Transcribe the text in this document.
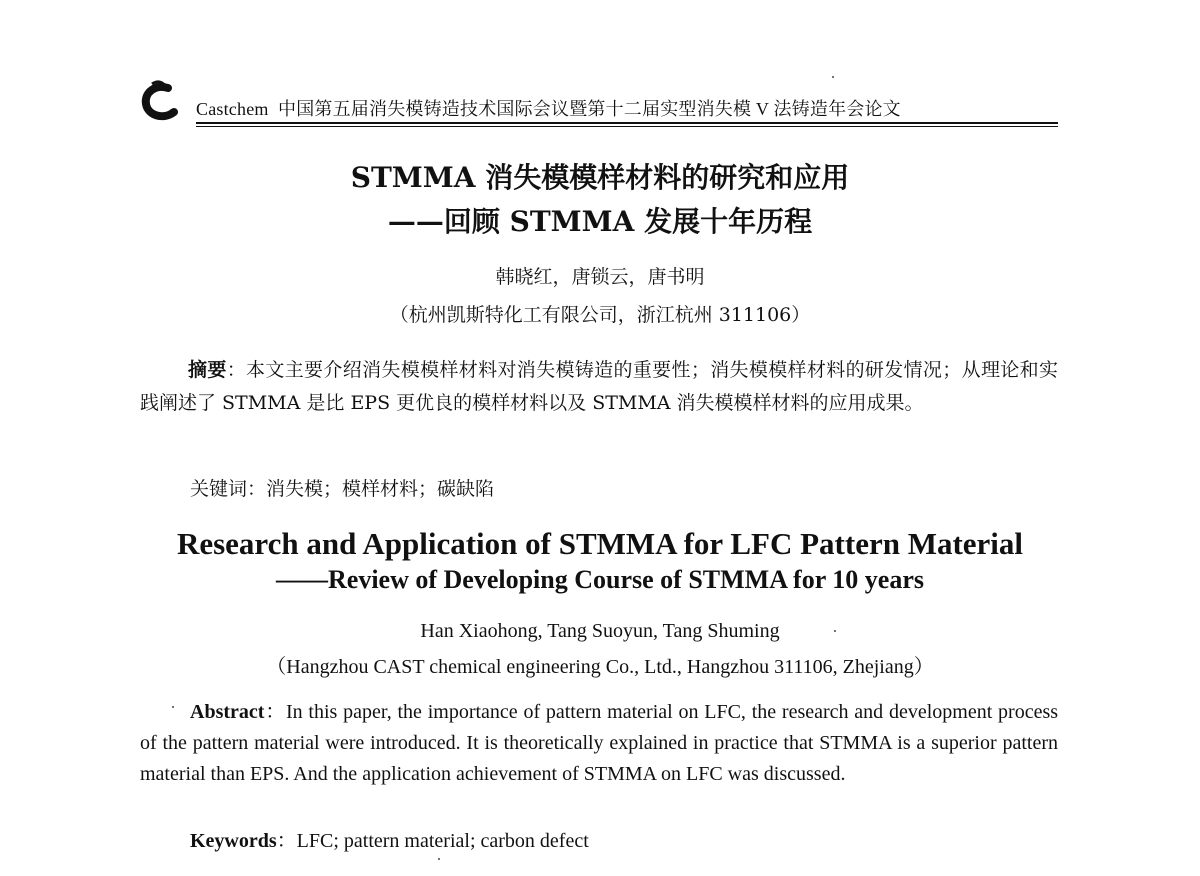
Castchem 中国第五届消失模铸造技术国际会议暨第十二届实型消失模 V 法铸造年会论文
STMMA 消失模模样材料的研究和应用
——回顾 STMMA 发展十年历程
韩晓红，唐锁云，唐书明
（杭州凯斯特化工有限公司，浙江杭州 311106）
摘要：本文主要介绍消失模模样材料对消失模铸造的重要性；消失模模样材料的研发情况；从理论和实践阐述了 STMMA 是比 EPS 更优良的模样材料以及 STMMA 消失模模样材料的应用成果。
关键词：消失模；模样材料；碳缺陷
Research and Application of STMMA for LFC Pattern Material
——Review of Developing Course of STMMA for 10 years
Han Xiaohong, Tang Suoyun, Tang Shuming
（Hangzhou CAST chemical engineering Co., Ltd., Hangzhou 311106, Zhejiang）
Abstract：In this paper, the importance of pattern material on LFC, the research and development process of the pattern material were introduced. It is theoretically explained in practice that STMMA is a superior pattern material than EPS. And the application achievement of STMMA on LFC was discussed.
Keywords：LFC; pattern material; carbon defect
